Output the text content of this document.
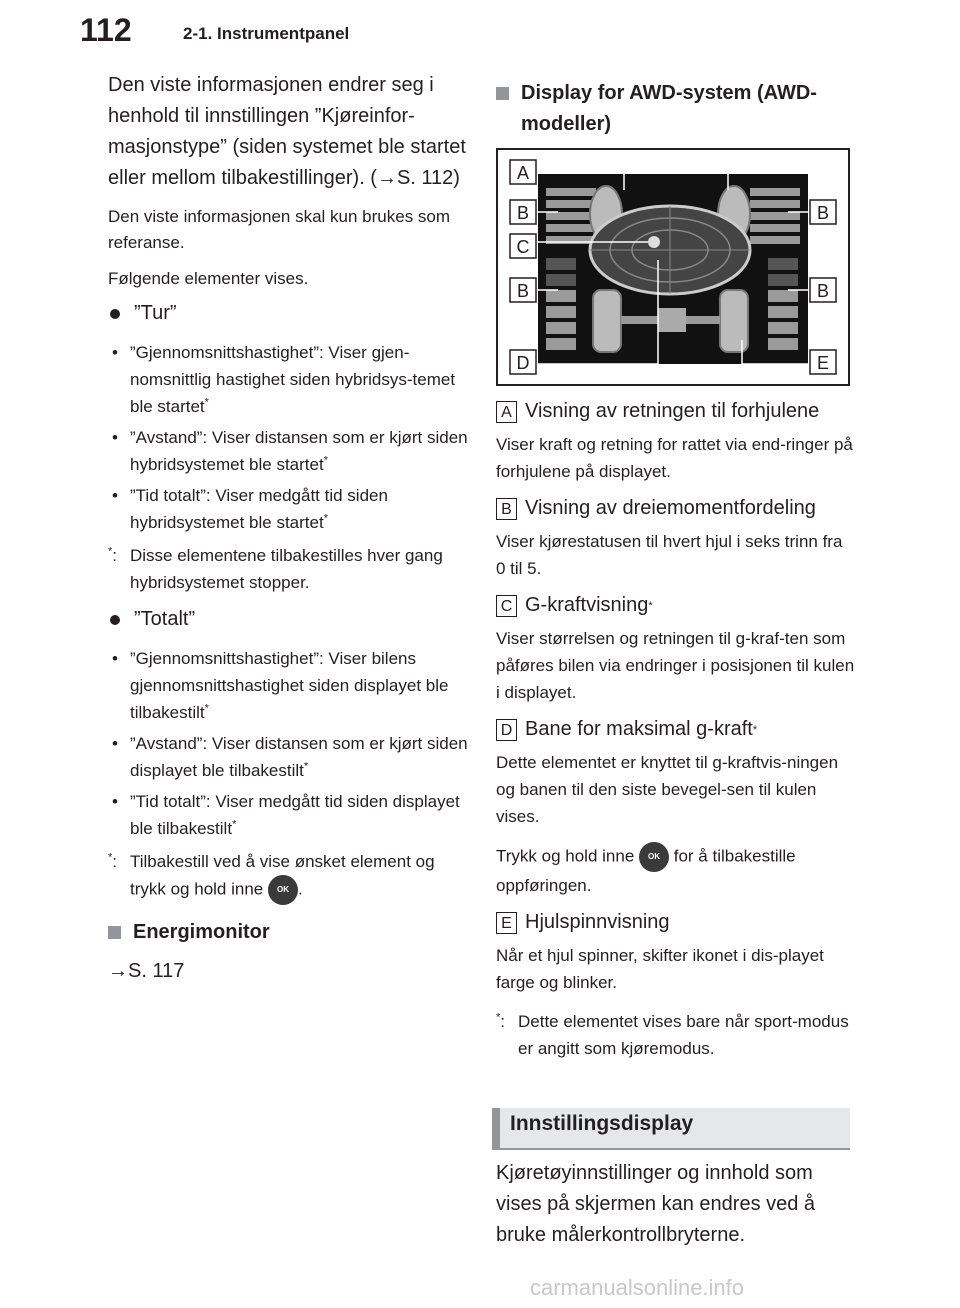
112	2-1. Instrumentpanel

Den viste informasjonen endrer seg i henhold til innstillingen ”Kjøreinfor-masjonstype” (siden systemet ble startet eller mellom tilbakestillinger). (→S. 112)

Den viste informasjonen skal kun brukes som referanse.

Følgende elementer vises.

”Tur”
• ”Gjennomsnittshastighet”: Viser gjen-nomsnittlig hastighet siden hybridsys-temet ble startet*
• ”Avstand”: Viser distansen som er kjørt siden hybridsystemet ble startet*
• ”Tid totalt”: Viser medgått tid siden hybridsystemet ble startet*
*: Disse elementene tilbakestilles hver gang hybridsystemet stopper.
”Totalt”
• ”Gjennomsnittshastighet”: Viser bilens gjennomsnittshastighet siden displayet ble tilbakestilt*
• ”Avstand”: Viser distansen som er kjørt siden displayet ble tilbakestilt*
• ”Tid totalt”: Viser medgått tid siden displayet ble tilbakestilt*
*: Tilbakestill ved å vise ønsket element og trykk og hold inne OK .
Energimonitor

→S. 117

Display for AWD-system (AWD-modeller)
A
B	B
C
B	B
D	E
A Visning av retningen til forhjulene
Viser kraft og retning for rattet via end-ringer på forhjulene på displayet.
B Visning av dreiemomentfordeling
Viser kjørestatusen til hvert hjul i seks trinn fra 0 til 5.
C G-kraftvisning *
Viser størrelsen og retningen til g-kraf-ten som påføres bilen via endringer i posisjonen til kulen i displayet.
D Bane for maksimal g-kraft *
Dette elementet er knyttet til g-kraftvis-ningen og banen til den siste bevegel-sen til kulen vises.
Trykk og hold inne OK for å tilbakestille oppføringen.
E Hjulspinnvisning
Når et hjul spinner, skifter ikonet i dis-playet farge og blinker.
*: Dette elementet vises bare når sport-modus er angitt som kjøremodus.
Innstillingsdisplay
Kjøretøyinnstillinger og innhold som vises på skjermen kan endres ved å bruke målerkontrollbryterne.
carmanualsonline.info
